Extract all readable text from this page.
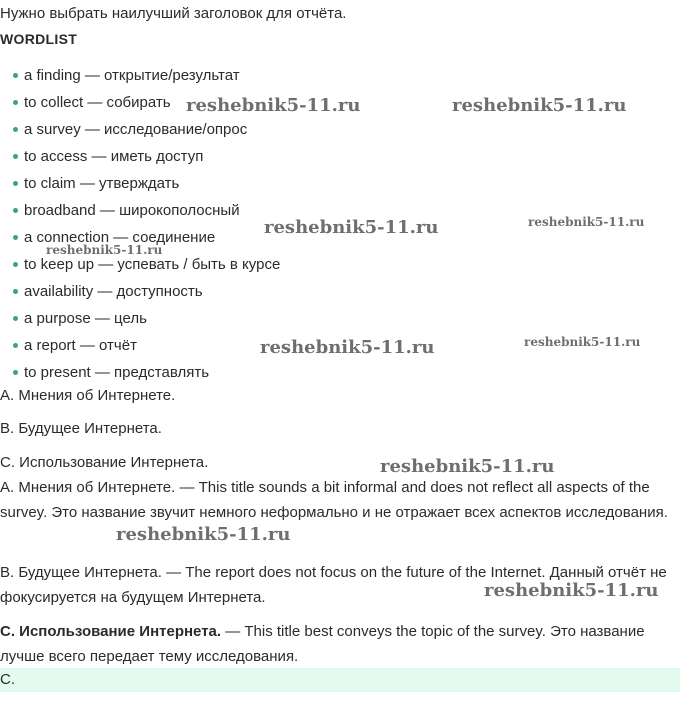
Нужно выбрать наилучший заголовок для отчёта.
WORDLIST
a finding — открытие/результат
to collect — собирать
a survey — исследование/опрос
to access — иметь доступ
to claim — утверждать
broadband — широкополосный
a connection — соединение
to keep up — успевать / быть в курсе
availability — доступность
a purpose — цель
a report — отчёт
to present — представлять
A. Мнения об Интернете.
B. Будущее Интернета.
C. Использование Интернета.
A. Мнения об Интернете. — This title sounds a bit informal and does not reflect all aspects of the survey. Это название звучит немного неформально и не отражает всех аспектов исследования.
B. Будущее Интернета. — The report does not focus on the future of the Internet. Данный отчёт не фокусируется на будущем Интернета.
C. Использование Интернета. — This title best conveys the topic of the survey. Это название лучше всего передает тему исследования.
C.
reshebnik5-11.ru	reshebnik5-11.ru
reshebnik5-11.ru	reshebnik5-11.ru
reshebnik5-11.ru
reshebnik5-11.ru	reshebnik5-11.ru
reshebnik5-11.ru
reshebnik5-11.ru
reshebnik5-11.ru
